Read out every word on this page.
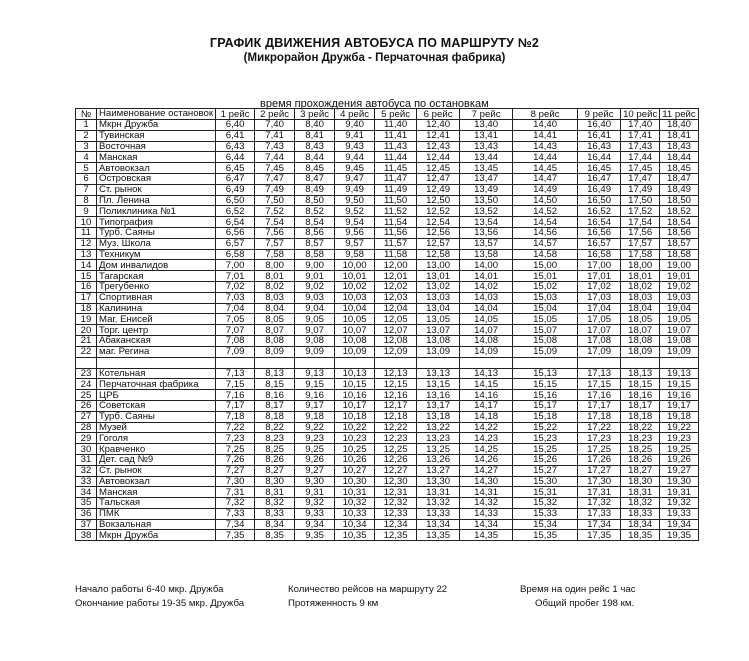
ГРАФИК ДВИЖЕНИЯ АВТОБУСА ПО МАРШРУТУ №2
(Микрорайон Дружба - Перчаточная фабрика)
время прохождения автобуса по остановкам
№	Наименование остановок	1 рейс	2 рейс	3 рейс	4 рейс	5 рейс	6 рейс	7 рейс	8 рейс	9 рейс	10 рейс	11 рейс
1	Мкрн Дружба	6,40	7,40	8,40	9,40	11,40	12,40	13,40	14,40	16,40	17,40	18,40
2	Тувинская	6,41	7,41	8,41	9,41	11,41	12,41	13,41	14,41	16,41	17,41	18,41
3	Восточная	6,43	7,43	8,43	9,43	11,43	12,43	13,43	14,43	16,43	17,43	18,43
4	Манская	6,44	7,44	8,44	9,44	11,44	12,44	13,44	14,44	16,44	17,44	18,44
5	Автовокзал	6,45	7,45	8,45	9,45	11,45	12,45	13,45	14,45	16,45	17,45	18,45
6	Островская	6,47	7,47	8,47	9,47	11,47	12,47	13,47	14,47	16,47	17,47	18,47
7	Ст. рынок	6,49	7,49	8,49	9,49	11,49	12,49	13,49	14,49	16,49	17,49	18,49
8	Пл. Ленина	6,50	7,50	8,50	9,50	11,50	12,50	13,50	14,50	16,50	17,50	18,50
9	Поликлиника №1	6,52	7,52	8,52	9,52	11,52	12,52	13,52	14,52	16,52	17,52	18,52
10	Типография	6,54	7,54	8,54	9,54	11,54	12,54	13,54	14,54	16,54	17,54	18,54
11	Турб. Саяны	6,56	7,56	8,56	9,56	11,56	12,56	13,56	14,56	16,56	17,56	18,56
12	Муз. Школа	6,57	7,57	8,57	9,57	11,57	12,57	13,57	14,57	16,57	17,57	18,57
13	Техникум	6,58	7,58	8,58	9,58	11,58	12,58	13,58	14,58	16,58	17,58	18,58
14	Дом инвалидов	7,00	8,00	9,00	10,00	12,00	13,00	14,00	15,00	17,00	18,00	19,00
15	Тагарская	7,01	8,01	9,01	10,01	12,01	13,01	14,01	15,01	17,01	18,01	19,01
16	Трегубенко	7,02	8,02	9,02	10,02	12,02	13,02	14,02	15,02	17,02	18,02	19,02
17	Спортивная	7,03	8,03	9,03	10,03	12,03	13,03	14,03	15,03	17,03	18,03	19,03
18	Калинина	7,04	8,04	9,04	10,04	12,04	13,04	14,04	15,04	17,04	18,04	19,04
19	Маг. Енисей	7,05	8,05	9,05	10,05	12,05	13,05	14,05	15,05	17,05	18,05	19,05
20	Торг. центр	7,07	8,07	9,07	10,07	12,07	13,07	14,07	15,07	17,07	18,07	19,07
21	Абаканская	7,08	8,08	9,08	10,08	12,08	13,08	14,08	15,08	17,08	18,08	19,08
22	маг. Регина	7,09	8,09	9,09	10,09	12,09	13,09	14,09	15,09	17,09	18,09	19,09

23	Котельная	7,13	8,13	9,13	10,13	12,13	13,13	14,13	15,13	17,13	18,13	19,13
24	Перчаточная фабрика	7,15	8,15	9,15	10,15	12,15	13,15	14,15	15,15	17,15	18,15	19,15
25	ЦРБ	7,16	8,16	9,16	10,16	12,16	13,16	14,16	15,16	17,16	18,16	19,16
26	Советская	7,17	8,17	9,17	10,17	12,17	13,17	14,17	15,17	17,17	18,17	19,17
27	Турб. Саяны	7,18	8,18	9,18	10,18	12,18	13,18	14,18	15,18	17,18	18,18	19,18
28	Музей	7,22	8,22	9,22	10,22	12,22	13,22	14,22	15,22	17,22	18,22	19,22
29	Гоголя	7,23	8,23	9,23	10,23	12,23	13,23	14,23	15,23	17,23	18,23	19,23
30	Кравченко	7,25	8,25	9,25	10,25	12,25	13,25	14,25	15,25	17,25	18,25	19,25
31	Дет. сад №9	7,26	8,26	9,26	10,26	12,26	13,26	14,26	15,26	17,26	18,26	19,26
32	Ст. рынок	7,27	8,27	9,27	10,27	12,27	13,27	14,27	15,27	17,27	18,27	19,27
33	Автовокзал	7,30	8,30	9,30	10,30	12,30	13,30	14,30	15,30	17,30	18,30	19,30
34	Манская	7,31	8,31	9,31	10,31	12,31	13,31	14,31	15,31	17,31	18,31	19,31
35	Тальская	7,32	8,32	9,32	10,32	12,32	13,32	14,32	15,32	17,32	18,32	19,32
36	ПМК	7,33	8,33	9,33	10,33	12,33	13,33	14,33	15,33	17,33	18,33	19,33
37	Вокзальная	7,34	8,34	9,34	10,34	12,34	13,34	14,34	15,34	17,34	18,34	19,34
38	Мкрн Дружба	7,35	8,35	9,35	10,35	12,35	13,35	14,35	15,35	17,35	18,35	19,35
Начало работы 6-40 мкр. Дружба
Окончание работы 19-35 мкр. Дружба
Количество рейсов на маршруту 22
Протяженность 9 км
Время на один рейс 1 час
Общий пробег 198 км.
